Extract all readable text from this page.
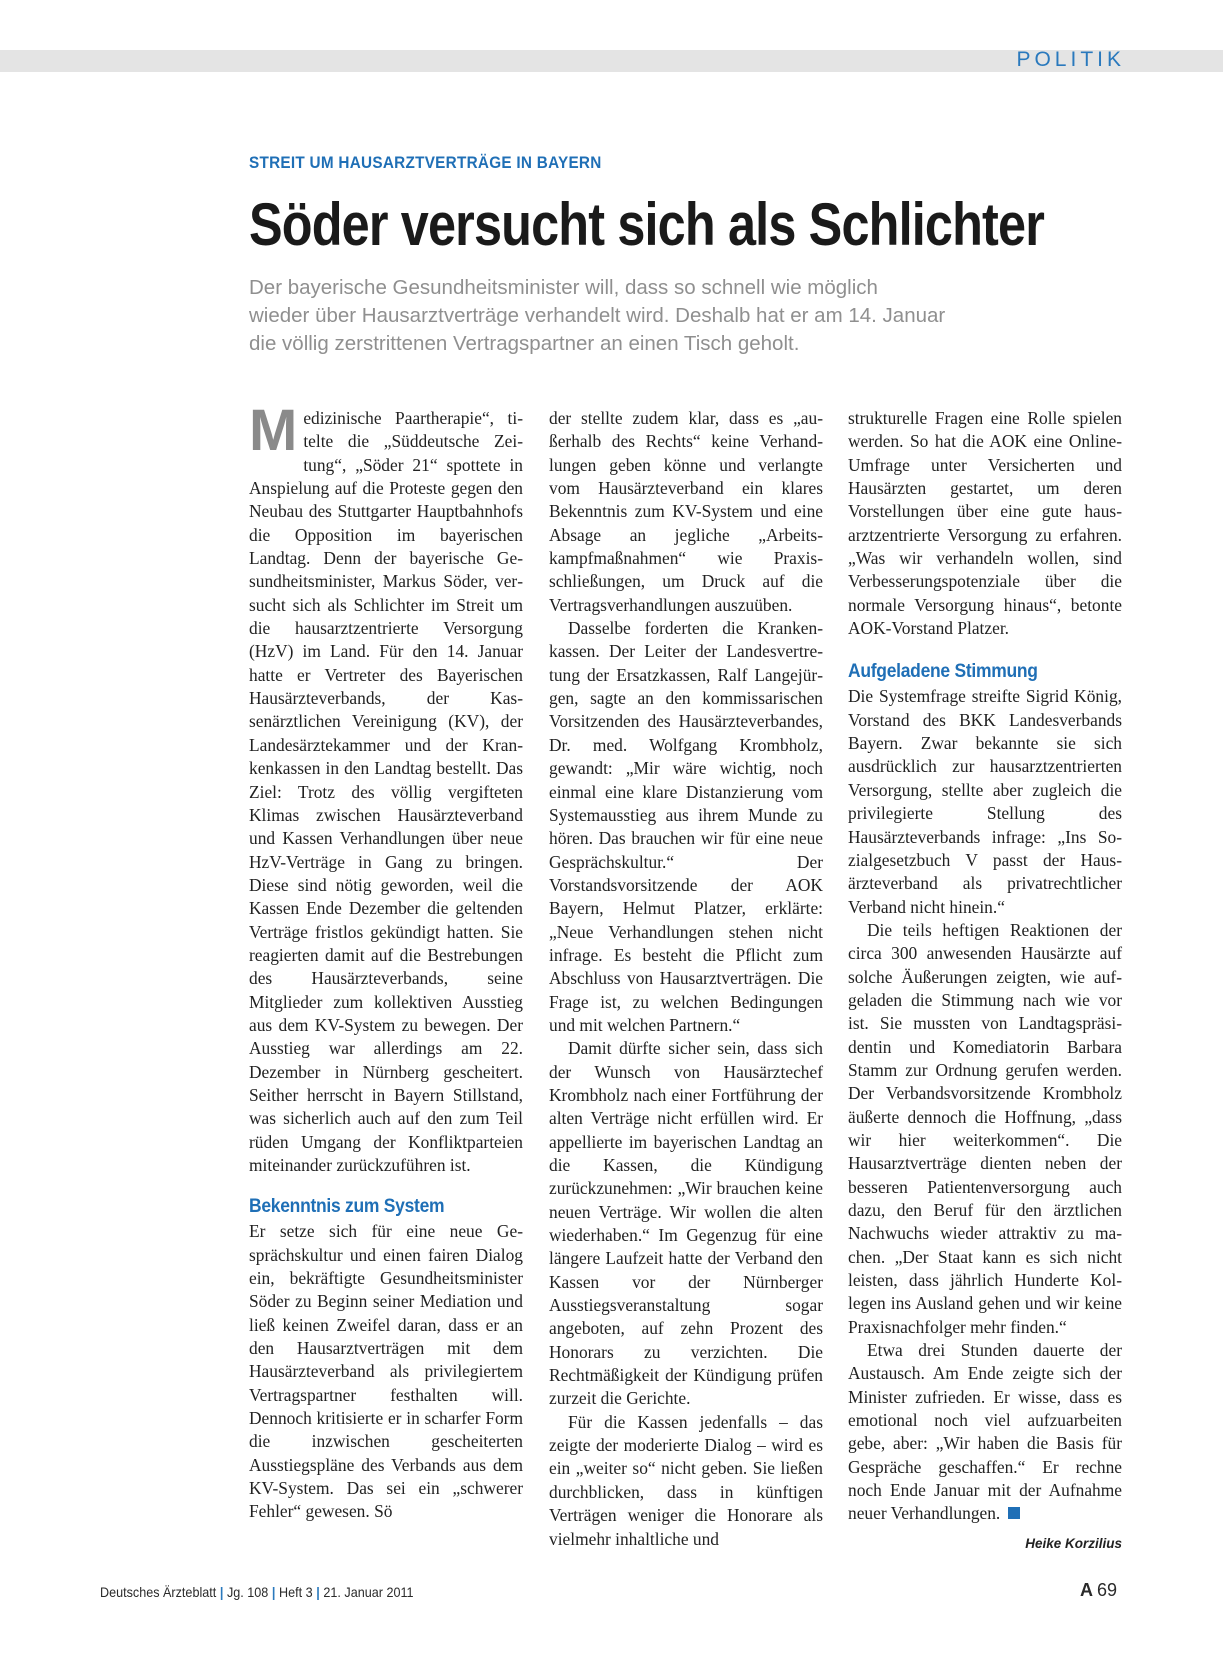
POLITIK
STREIT UM HAUSARZTVERTRÄGE IN BAYERN
Söder versucht sich als Schlichter
Der bayerische Gesundheitsminister will, dass so schnell wie möglich
wieder über Hausarztverträge verhandelt wird. Deshalb hat er am 14. Januar
die völlig zerstrittenen Vertragspartner an einen Tisch geholt.

Medizinische Paartherapie“, titelte die „Süddeutsche Zeitung“, „Söder 21“ spottete in Anspielung auf die Proteste gegen den Neubau des Stuttgarter Hauptbahnhofs die Opposition im bayerischen Landtag. Denn der bayerische Gesundheitsminister, Markus Söder, versucht sich als Schlichter im Streit um die hausarztzentrierte Versorgung (HzV) im Land. Für den 14. Januar hatte er Vertreter des Bayerischen Hausärzteverbands, der Kassenärztlichen Vereinigung (KV), der Landesärztekammer und der Krankenkassen in den Landtag bestellt. Das Ziel: Trotz des völlig vergifteten Klimas zwischen Hausärzteverband und Kassen Verhandlungen über neue HzV-Verträge in Gang zu bringen. Diese sind nötig geworden, weil die Kassen Ende Dezember die geltenden Verträge fristlos gekündigt hatten. Sie reagierten damit auf die Bestrebungen des Hausärzteverbands, seine Mitglieder zum kollektiven Ausstieg aus dem KV-System zu bewegen. Der Ausstieg war allerdings am 22. Dezember in Nürnberg gescheitert. Seither herrscht in Bayern Stillstand, was sicherlich auch auf den zum Teil rüden Umgang der Konfliktparteien miteinander zurückzuführen ist.

Bekenntnis zum System

Er setze sich für eine neue Gesprächskultur und einen fairen Dialog ein, bekräftigte Gesundheitsminister Söder zu Beginn seiner Mediation und ließ keinen Zweifel daran, dass er an den Hausarztverträgen mit dem Hausärzteverband als privilegiertem Vertragspartner festhalten will. Dennoch kritisierte er in scharfer Form die inzwischen gescheiterten Ausstiegspläne des Verbands aus dem KV-System. Das sei ein „schwerer Fehler“ gewesen. Sö

der stellte zudem klar, dass es „außerhalb des Rechts“ keine Verhandlungen geben könne und verlangte vom Hausärzteverband ein klares Bekenntnis zum KV-System und eine Absage an jegliche „Arbeitskampfmaßnahmen“ wie Praxisschließungen, um Druck auf die Vertragsverhandlungen auszuüben.

Dasselbe forderten die Krankenkassen. Der Leiter der Landesvertretung der Ersatzkassen, Ralf Langejürgen, sagte an den kommissarischen Vorsitzenden des Hausärzteverbandes, Dr. med. Wolfgang Krombholz, gewandt: „Mir wäre wichtig, noch einmal eine klare Distanzierung vom Systemausstieg aus ihrem Munde zu hören. Das brauchen wir für eine neue Gesprächskultur.“ Der Vorstandsvorsitzende der AOK Bayern, Helmut Platzer, erklärte: „Neue Verhandlungen stehen nicht infrage. Es besteht die Pflicht zum Abschluss von Hausarztverträgen. Die Frage ist, zu welchen Bedingungen und mit welchen Partnern.“

Damit dürfte sicher sein, dass sich der Wunsch von Hausärztechef Krombholz nach einer Fortführung der alten Verträge nicht erfüllen wird. Er appellierte im bayerischen Landtag an die Kassen, die Kündigung zurückzunehmen: „Wir brauchen keine neuen Verträge. Wir wollen die alten wiederhaben.“ Im Gegenzug für eine längere Laufzeit hatte der Verband den Kassen vor der Nürnberger Ausstiegsveranstaltung sogar angeboten, auf zehn Prozent des Honorars zu verzichten. Die Rechtmäßigkeit der Kündigung prüfen zurzeit die Gerichte.

Für die Kassen jedenfalls – das zeigte der moderierte Dialog – wird es ein „weiter so“ nicht geben. Sie ließen durchblicken, dass in künftigen Verträgen weniger die Honorare als vielmehr inhaltliche und

strukturelle Fragen eine Rolle spielen werden. So hat die AOK eine Online-Umfrage unter Versicherten und Hausärzten gestartet, um deren Vorstellungen über eine gute hausarztzentrierte Versorgung zu erfahren. „Was wir verhandeln wollen, sind Verbesserungspotenziale über die normale Versorgung hinaus“, betonte AOK-Vorstand Platzer.

Aufgeladene Stimmung

Die Systemfrage streifte Sigrid König, Vorstand des BKK Landesverbands Bayern. Zwar bekannte sie sich ausdrücklich zur hausarztzentrierten Versorgung, stellte aber zugleich die privilegierte Stellung des Hausärzteverbands infrage: „Ins Sozialgesetzbuch V passt der Hausärzteverband als privatrechtlicher Verband nicht hinein.“

Die teils heftigen Reaktionen der circa 300 anwesenden Hausärzte auf solche Äußerungen zeigten, wie aufgeladen die Stimmung nach wie vor ist. Sie mussten von Landtagspräsidentin und Komediatorin Barbara Stamm zur Ordnung gerufen werden. Der Verbandsvorsitzende Krombholz äußerte dennoch die Hoffnung, „dass wir hier weiterkommen“. Die Hausarztverträge dienten neben der besseren Patientenversorgung auch dazu, den Beruf für den ärztlichen Nachwuchs wieder attraktiv zu machen. „Der Staat kann es sich nicht leisten, dass jährlich Hunderte Kollegen ins Ausland gehen und wir keine Praxisnachfolger mehr finden.“

Etwa drei Stunden dauerte der Austausch. Am Ende zeigte sich der Minister zufrieden. Er wisse, dass es emotional noch viel aufzuarbeiten gebe, aber: „Wir haben die Basis für Gespräche geschaffen.“ Er rechne noch Ende Januar mit der Aufnahme neuer Verhandlungen.

Heike Korzilius
Deutsches Ärzteblatt | Jg. 108 | Heft 3 | 21. Januar 2011	A 69
